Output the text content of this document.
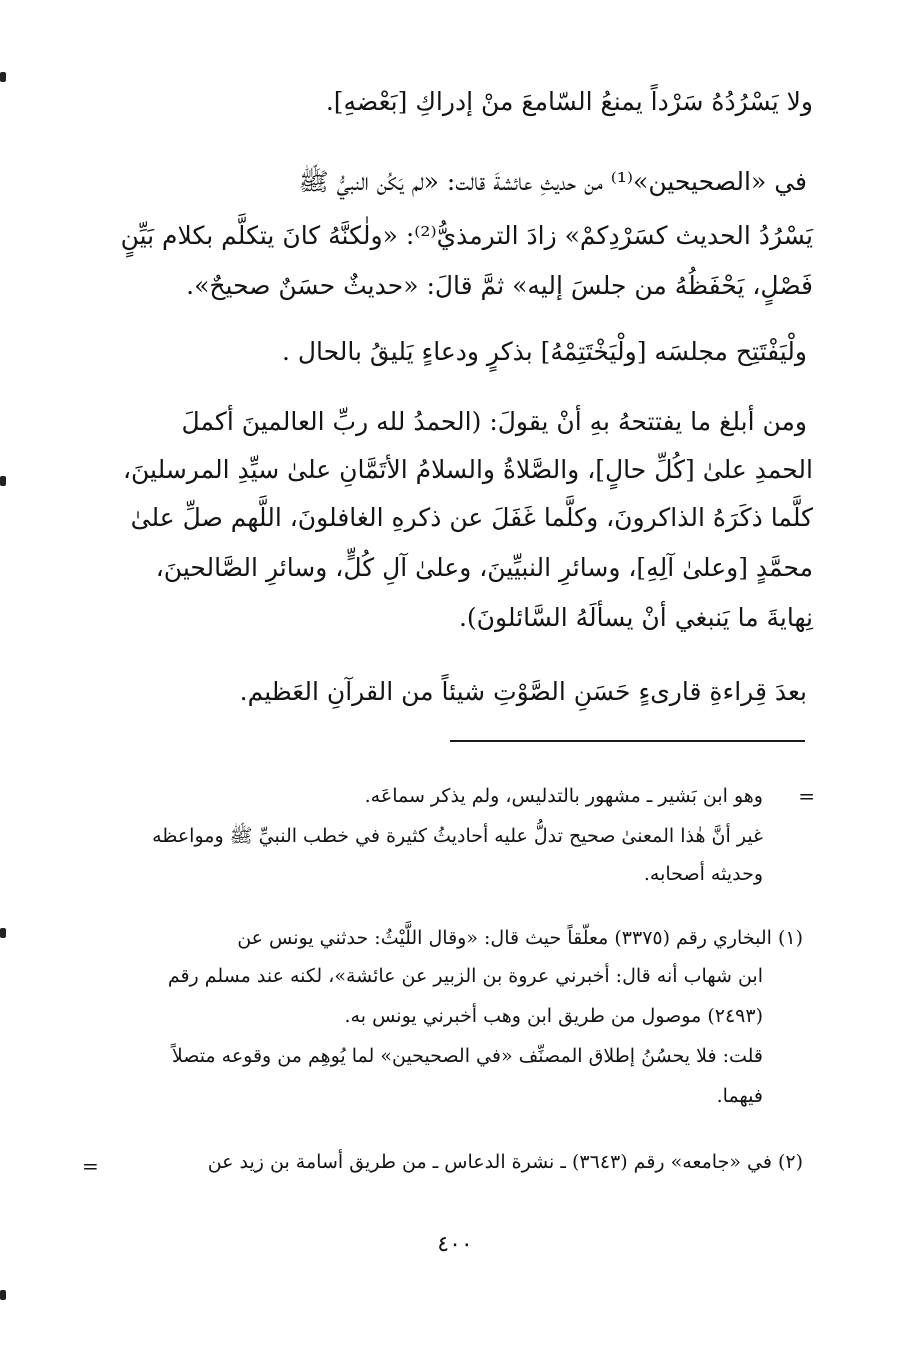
ولا يَسْرُدُهُ سَرْداً يمنعُ السّامعَ منْ إدراكِ [بَعْضهِ].

في «الصحيحين»⁽¹⁾ من حديثِ عائشةَ قالت: «لم يَكُن النبيُّ ﷺ

يَسْرُدُ الحديث كسَرْدِكمْ» زادَ الترمذيُّ⁽²⁾: «ولٰكنَّهُ كانَ يتكلَّم بكلام بَيِّنٍ

فَصْلٍ، يَحْفَظُهُ من جلسَ إليه» ثمَّ قالَ: «حديثٌ حسَنٌ صحيحٌ».

ولْيَفْتَتِح مجلسَه [ولْيَخْتَتِمْهُ] بذكرٍ ودعاءٍ يَليقُ بالحال .

ومن أبلغ ما يفتتحهُ بهِ أنْ يقولَ: (الحمدُ لله ربِّ العالمينَ أكملَ

الحمدِ علىٰ [كُلِّ حالٍ]، والصَّلاةُ والسلامُ الأتَمَّانِ علىٰ سيِّدِ المرسلينَ،

كلَّما ذكَرَهُ الذاكرونَ، وكلَّما غَفَلَ عن ذكرهِ الغافلونَ، اللَّهم صلِّ علىٰ

محمَّدٍ [وعلىٰ آلِهِ]، وسائرِ النبيِّينَ، وعلىٰ آلِ كُلٍّ، وسائرِ الصَّالحينَ،

نِهايةَ ما يَنبغي أنْ يسألَهُ السَّائلونَ).

بعدَ قِراءةِ قارىءٍ حَسَنِ الصَّوْتِ شيئاً من القرآنِ العَظيم.

=

وهو ابن بَشير ـ مشهور بالتدليس، ولم يذكر سماعَه.

غير أنَّ هٰذا المعنىٰ صحيح تدلُّ عليه أحاديثُ كثيرة في خطب النبيِّ ﷺ ومواعظه

وحديثه أصحابه.

(١) البخاري رقم (٣٣٧٥) معلّقاً حيث قال: «وقال اللَّيْثُ: حدثني يونس عن

ابن شهاب أنه قال: أخبرني عروة بن الزبير عن عائشة»، لكنه عند مسلم رقم

(٢٤٩٣) موصول من طريق ابن وهب أخبرني يونس به.

قلت: فلا يحسُنُ إطلاق المصنِّف «في الصحيحين» لما يُوهِم من وقوعه متصلاً

فيهما.

(٢) في «جامعه» رقم (٣٦٤٣) ـ نشرة الدعاس ـ من طريق أسامة بن زيد عن

=
٤٠٠
